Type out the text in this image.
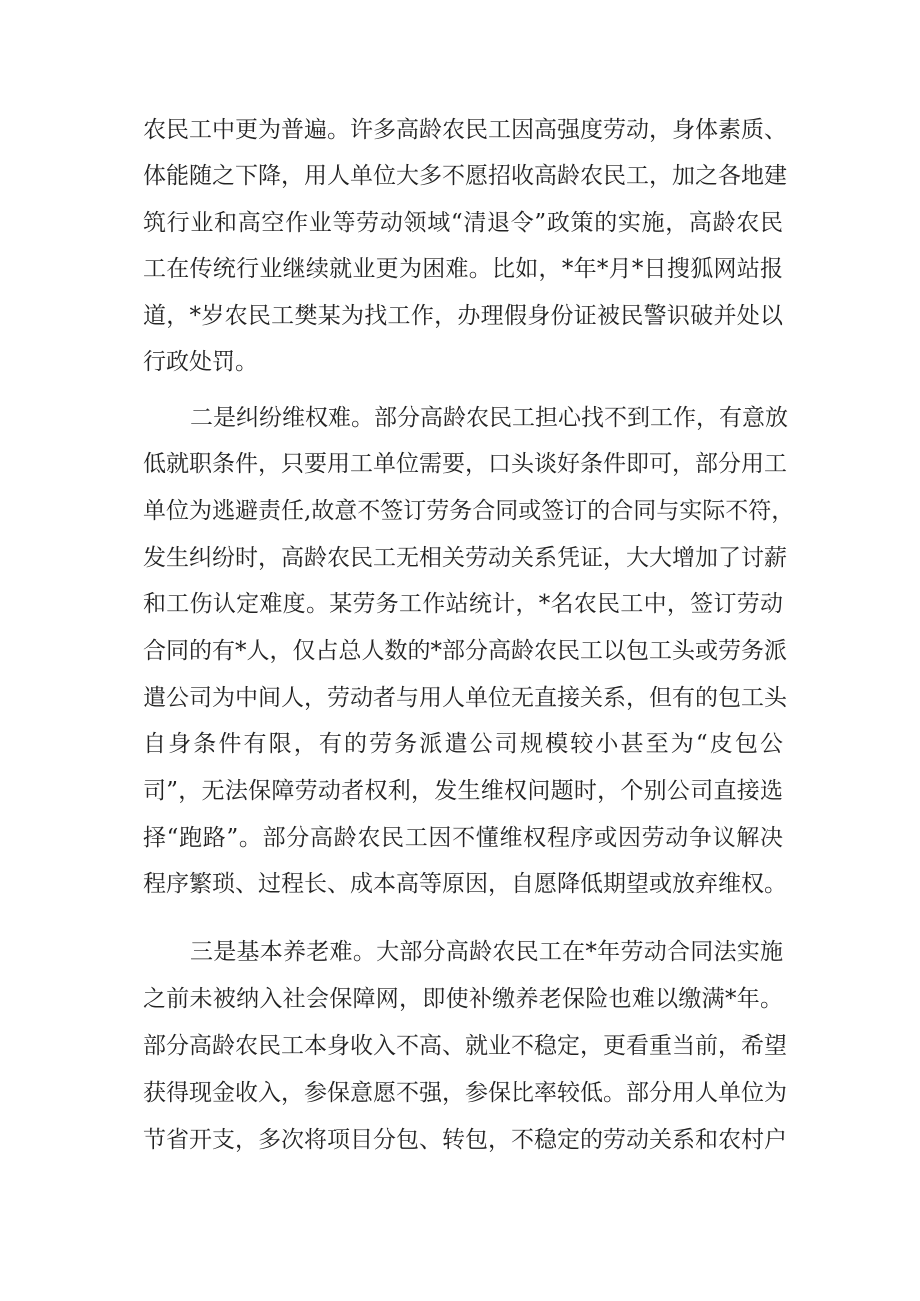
农民工中更为普遍。许多高龄农民工因高强度劳动，身体素质、
体能随之下降，用人单位大多不愿招收高龄农民工，加之各地建
筑行业和高空作业等劳动领域“清退令”政策的实施，高龄农民
工在传统行业继续就业更为困难。比如，*年*月*日搜狐网站报
道，*岁农民工樊某为找工作，办理假身份证被民警识破并处以
行政处罚。
二是纠纷维权难。部分高龄农民工担心找不到工作，有意放
低就职条件，只要用工单位需要，口头谈好条件即可，部分用工
单位为逃避责任,故意不签订劳务合同或签订的合同与实际不符，
发生纠纷时，高龄农民工无相关劳动关系凭证，大大增加了讨薪
和工伤认定难度。某劳务工作站统计，*名农民工中，签订劳动
合同的有*人，仅占总人数的*部分高龄农民工以包工头或劳务派
遣公司为中间人，劳动者与用人单位无直接关系，但有的包工头
自身条件有限，有的劳务派遣公司规模较小甚至为“皮包公
司”，无法保障劳动者权利，发生维权问题时，个别公司直接选
择“跑路”。部分高龄农民工因不懂维权程序或因劳动争议解决
程序繁琐、过程长、成本高等原因，自愿降低期望或放弃维权。
三是基本养老难。大部分高龄农民工在*年劳动合同法实施
之前未被纳入社会保障网，即使补缴养老保险也难以缴满*年。
部分高龄农民工本身收入不高、就业不稳定，更看重当前，希望
获得现金收入，参保意愿不强，参保比率较低。部分用人单位为
节省开支，多次将项目分包、转包，不稳定的劳动关系和农村户
